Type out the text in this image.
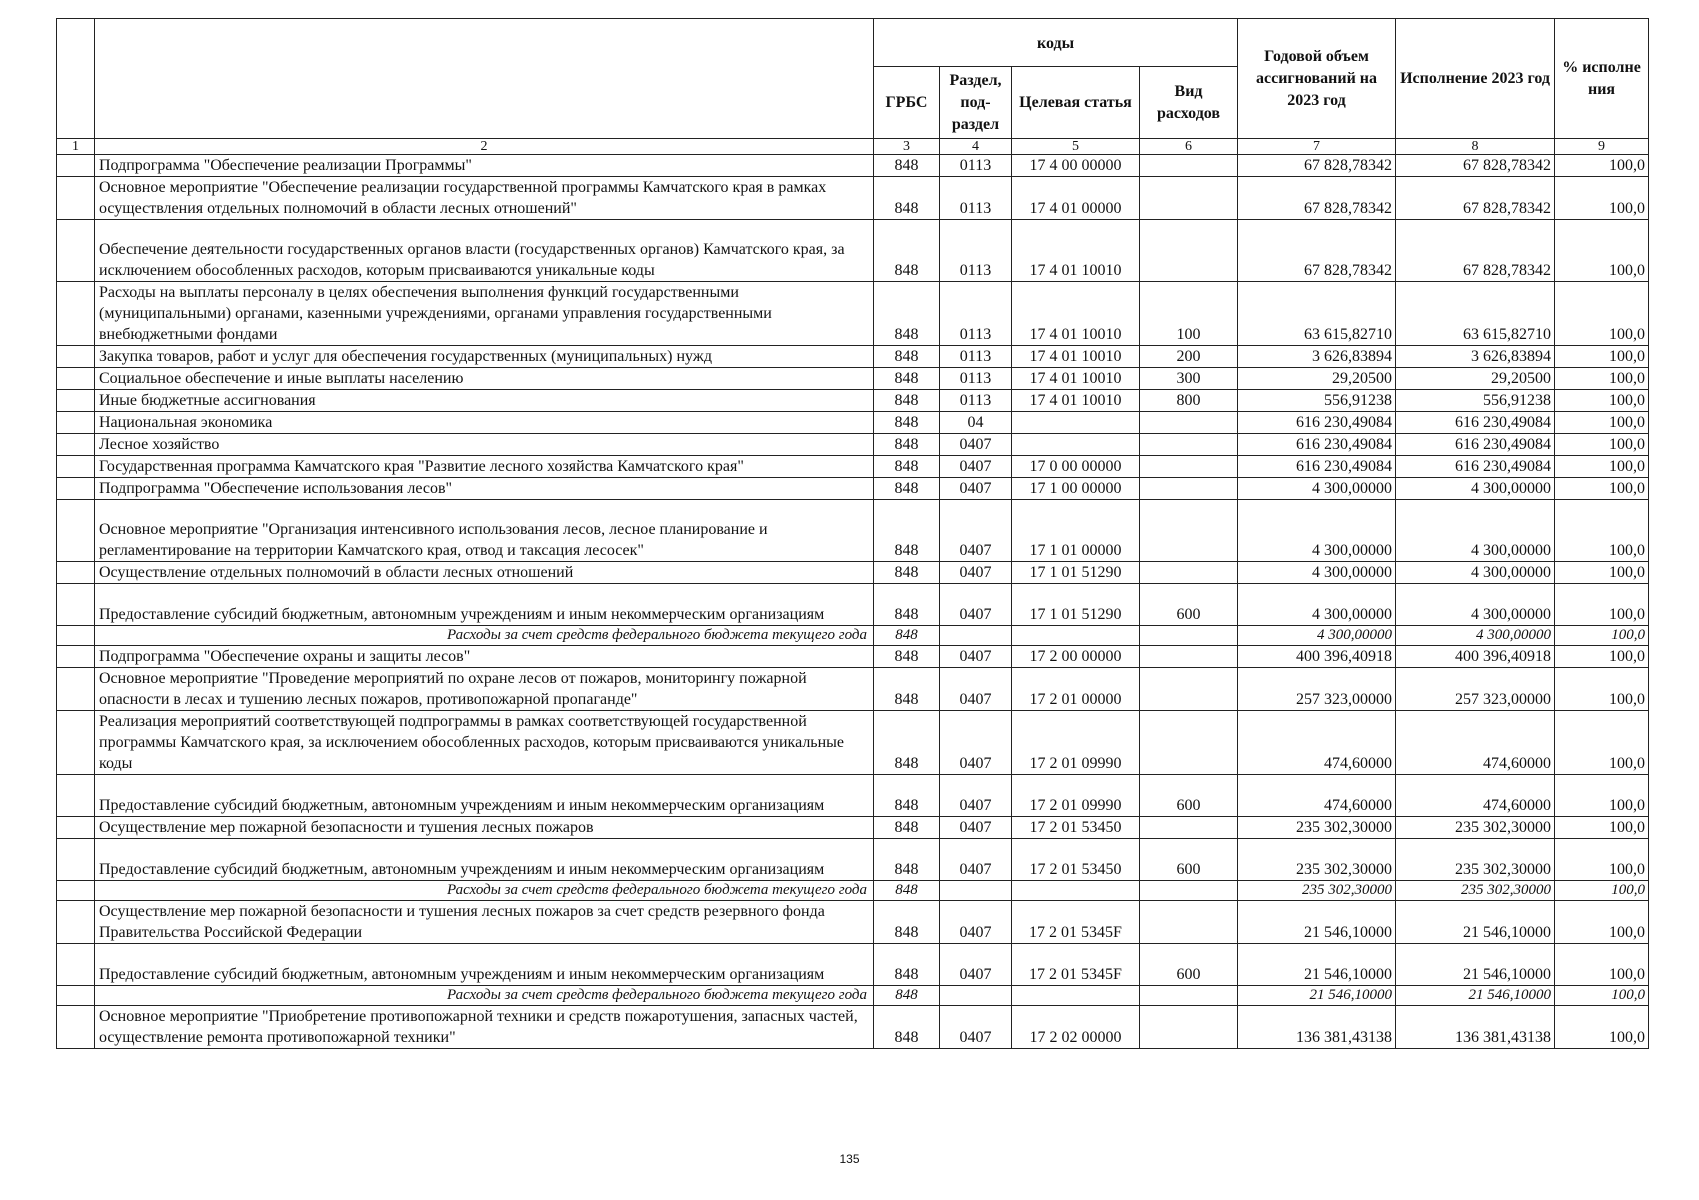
		коды				Годовой объем ассигнований на 2023 год	Исполнение 2023 год	% исполне ния
		ГРБС	Раздел, под-раздел	Целевая статья	Вид расходов			
1	2	3	4	5	6	7	8	9
	Подпрограмма "Обеспечение реализации Программы"	848	0113	17 4 00 00000		67 828,78342	67 828,78342	100,0
	Основное мероприятие "Обеспечение реализации государственной программы Камчатского края в рамках осуществления отдельных полномочий в области лесных отношений"	848	0113	17 4 01 00000		67 828,78342	67 828,78342	100,0
	Обеспечение деятельности государственных органов власти (государственных органов) Камчатского края, за исключением обособленных расходов, которым присваиваются уникальные коды	848	0113	17 4 01 10010		67 828,78342	67 828,78342	100,0
	Расходы на выплаты персоналу в целях обеспечения выполнения функций государственными (муниципальными) органами, казенными учреждениями, органами управления государственными внебюджетными фондами	848	0113	17 4 01 10010	100	63 615,82710	63 615,82710	100,0
	Закупка товаров, работ и услуг для обеспечения государственных (муниципальных) нужд	848	0113	17 4 01 10010	200	3 626,83894	3 626,83894	100,0
	Социальное обеспечение и иные выплаты населению	848	0113	17 4 01 10010	300	29,20500	29,20500	100,0
	Иные бюджетные ассигнования	848	0113	17 4 01 10010	800	556,91238	556,91238	100,0
	Национальная экономика	848	04			616 230,49084	616 230,49084	100,0
	Лесное хозяйство	848	0407			616 230,49084	616 230,49084	100,0
	Государственная программа Камчатского края "Развитие лесного хозяйства Камчатского края"	848	0407	17 0 00 00000		616 230,49084	616 230,49084	100,0
	Подпрограмма "Обеспечение использования лесов"	848	0407	17 1 00 00000		4 300,00000	4 300,00000	100,0
	Основное мероприятие "Организация интенсивного использования лесов, лесное планирование и регламентирование на территории Камчатского края, отвод и таксация лесосек"	848	0407	17 1 01 00000		4 300,00000	4 300,00000	100,0
	Осуществление отдельных полномочий в области лесных отношений	848	0407	17 1 01 51290		4 300,00000	4 300,00000	100,0
	Предоставление субсидий бюджетным, автономным учреждениям и иным некоммерческим организациям	848	0407	17 1 01 51290	600	4 300,00000	4 300,00000	100,0
	Расходы за счет средств федерального бюджета текущего года	848				4 300,00000	4 300,00000	100,0
	Подпрограмма "Обеспечение охраны и защиты лесов"	848	0407	17 2 00 00000		400 396,40918	400 396,40918	100,0
	Основное мероприятие "Проведение мероприятий по охране лесов от пожаров, мониторингу пожарной опасности в лесах и тушению лесных пожаров, противопожарной пропаганде"	848	0407	17 2 01 00000		257 323,00000	257 323,00000	100,0
	Реализация мероприятий соответствующей подпрограммы в рамках соответствующей государственной программы Камчатского края, за исключением обособленных расходов, которым присваиваются уникальные коды	848	0407	17 2 01 09990		474,60000	474,60000	100,0
	Предоставление субсидий бюджетным, автономным учреждениям и иным некоммерческим организациям	848	0407	17 2 01 09990	600	474,60000	474,60000	100,0
	Осуществление мер пожарной безопасности и тушения лесных пожаров	848	0407	17 2 01 53450		235 302,30000	235 302,30000	100,0
	Предоставление субсидий бюджетным, автономным учреждениям и иным некоммерческим организациям	848	0407	17 2 01 53450	600	235 302,30000	235 302,30000	100,0
	Расходы за счет средств федерального бюджета текущего года	848				235 302,30000	235 302,30000	100,0
	Осуществление мер пожарной безопасности и тушения лесных пожаров за счет средств резервного фонда Правительства Российской Федерации	848	0407	17 2 01 5345F		21 546,10000	21 546,10000	100,0
	Предоставление субсидий бюджетным, автономным учреждениям и иным некоммерческим организациям	848	0407	17 2 01 5345F	600	21 546,10000	21 546,10000	100,0
	Расходы за счет средств федерального бюджета текущего года	848				21 546,10000	21 546,10000	100,0
	Основное мероприятие "Приобретение противопожарной техники и средств пожаротушения, запасных частей, осуществление ремонта противопожарной техники"	848	0407	17 2 02 00000		136 381,43138	136 381,43138	100,0
135
